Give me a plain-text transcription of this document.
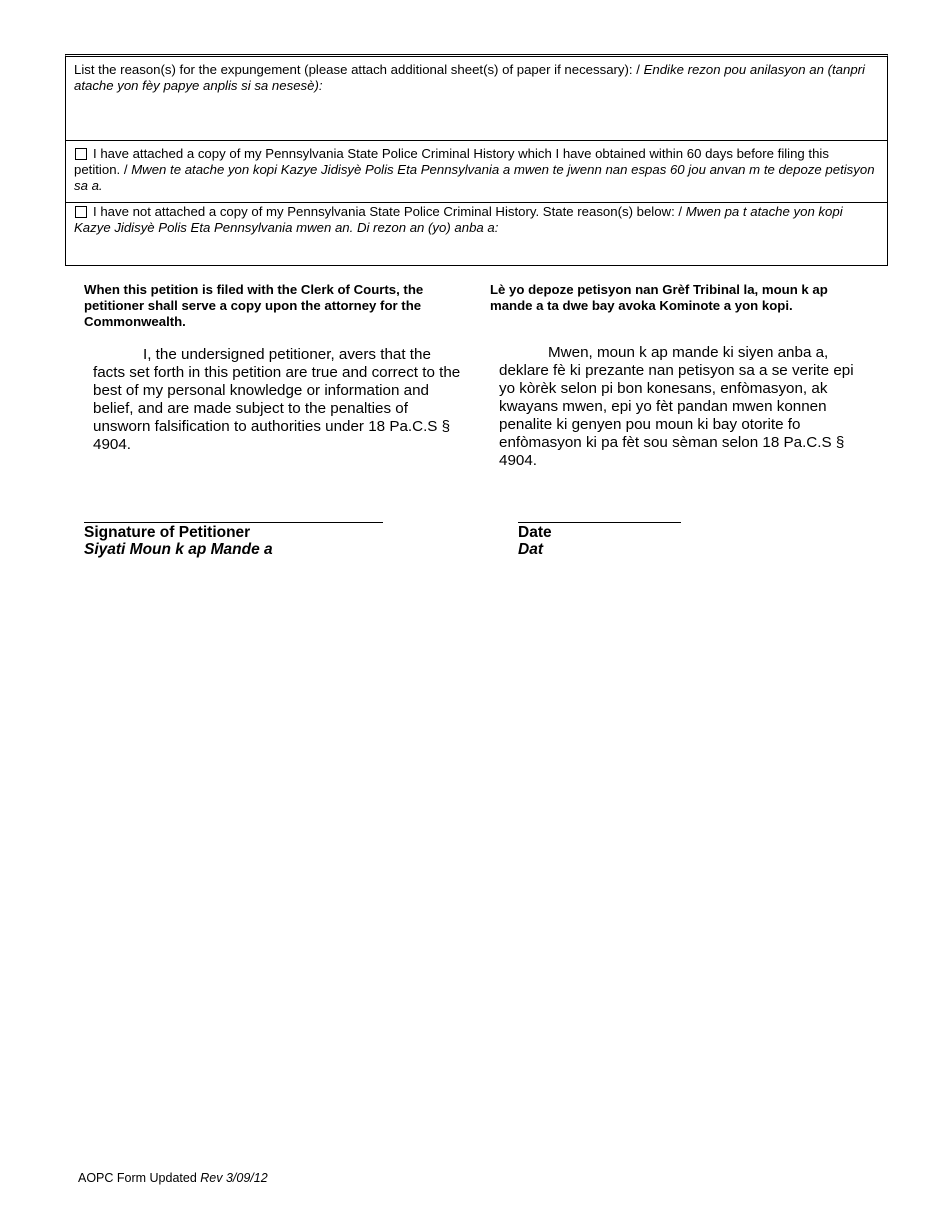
List the reason(s) for the expungement (please attach additional sheet(s) of paper if necessary): / Endike rezon pou anilasyon an (tanpri atache yon fèy papye anplis si sa nesesè):
I have attached a copy of my Pennsylvania State Police Criminal History which I have obtained within 60 days before filing this petition. / Mwen te atache yon kopi Kazye Jidisyè Polis Eta Pennsylvania a mwen te jwenn nan espas 60 jou anvan m te depoze petisyon sa a.
I have not attached a copy of my Pennsylvania State Police Criminal History. State reason(s) below: / Mwen pa t atache yon kopi Kazye Jidisyè Polis Eta Pennsylvania mwen an. Di rezon an (yo) anba a:

When this petition is filed with the Clerk of Courts, the petitioner shall serve a copy upon the attorney for the Commonwealth.

I, the undersigned petitioner, avers that the facts set forth in this petition are true and correct to the best of my personal knowledge or information and belief, and are made subject to the penalties of unsworn falsification to authorities under 18 Pa.C.S § 4904.

Lè yo depoze petisyon nan Grèf Tribinal la, moun k ap mande a ta dwe bay avoka Kominote a yon kopi.

Mwen, moun k ap mande ki siyen anba a, deklare fè ki prezante nan petisyon sa a se verite epi yo kòrèk selon pi bon konesans, enfòmasyon, ak kwayans mwen, epi yo fèt pandan mwen konnen penalite ki genyen pou moun ki bay otorite fo enfòmasyon ki pa fèt sou sèman selon 18 Pa.C.S § 4904.

Signature of Petitioner
Siyati Moun k ap Mande a
Date
Dat
AOPC Form Updated Rev 3/09/12
